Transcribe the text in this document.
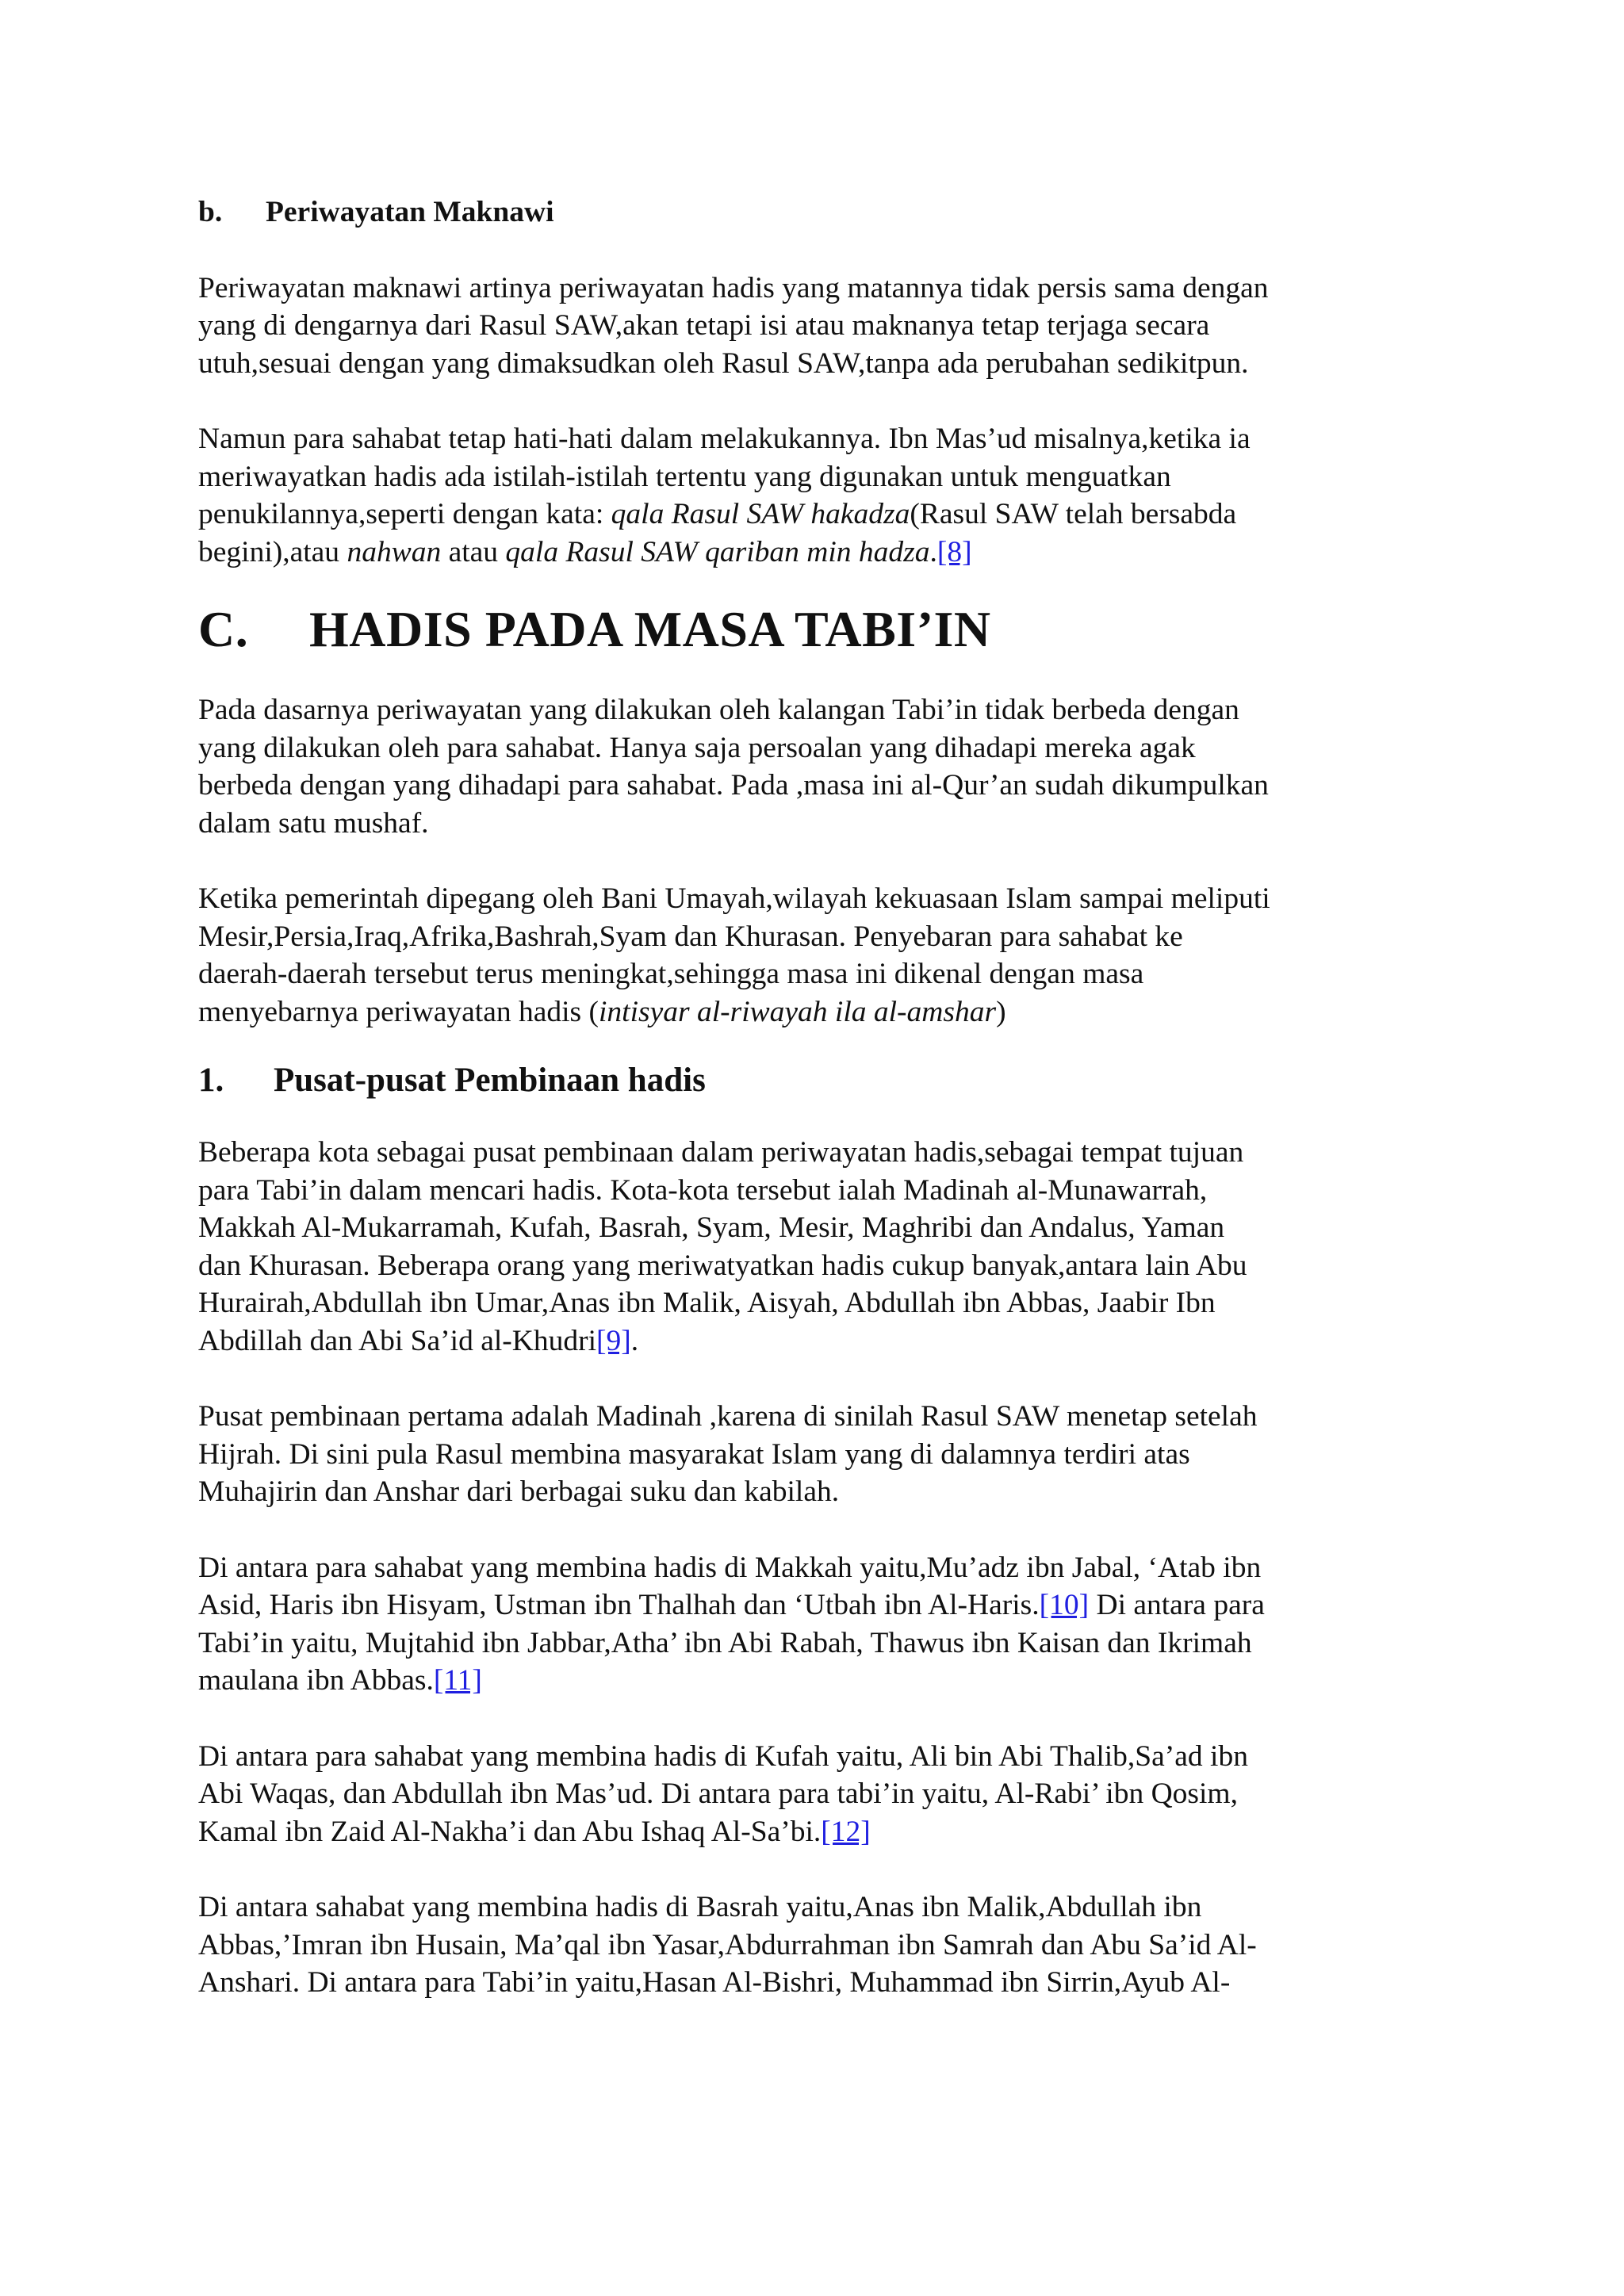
b. Periwayatan Maknawi

Periwayatan maknawi artinya periwayatan hadis yang matannya tidak persis sama dengan

yang di dengarnya dari Rasul SAW,akan tetapi isi atau maknanya tetap terjaga secara

utuh,sesuai dengan yang dimaksudkan oleh Rasul SAW,tanpa ada perubahan sedikitpun.

Namun para sahabat tetap hati-hati dalam melakukannya. Ibn Mas’ud misalnya,ketika ia

meriwayatkan hadis ada istilah-istilah tertentu yang digunakan untuk menguatkan

penukilannya,seperti dengan kata: qala Rasul SAW hakadza(Rasul SAW telah bersabda

begini),atau nahwan atau qala Rasul SAW qariban min hadza.[8]

C. HADIS PADA MASA TABI’IN

Pada dasarnya periwayatan yang dilakukan oleh kalangan Tabi’in tidak berbeda dengan

yang dilakukan oleh para sahabat. Hanya saja persoalan yang dihadapi mereka agak

berbeda dengan yang dihadapi para sahabat. Pada ,masa ini al-Qur’an sudah dikumpulkan

dalam satu mushaf.

Ketika pemerintah dipegang oleh Bani Umayah,wilayah kekuasaan Islam sampai meliputi

Mesir,Persia,Iraq,Afrika,Bashrah,Syam dan Khurasan. Penyebaran para sahabat ke

daerah-daerah tersebut terus meningkat,sehingga masa ini dikenal dengan masa

menyebarnya periwayatan hadis (intisyar al-riwayah ila al-amshar)

1. Pusat-pusat Pembinaan hadis

Beberapa kota sebagai pusat pembinaan dalam periwayatan hadis,sebagai tempat tujuan

para Tabi’in dalam mencari hadis. Kota-kota tersebut ialah Madinah al-Munawarrah,

Makkah Al-Mukarramah, Kufah, Basrah, Syam, Mesir, Maghribi dan Andalus, Yaman

dan Khurasan. Beberapa orang yang meriwatyatkan hadis cukup banyak,antara lain Abu

Hurairah,Abdullah ibn Umar,Anas ibn Malik, Aisyah, Abdullah ibn Abbas, Jaabir Ibn

Abdillah dan Abi Sa’id al-Khudri[9].

Pusat pembinaan pertama adalah Madinah ,karena di sinilah Rasul SAW menetap setelah

Hijrah. Di sini pula Rasul membina masyarakat Islam yang di dalamnya terdiri atas

Muhajirin dan Anshar dari berbagai suku dan kabilah.

Di antara para sahabat yang membina hadis di Makkah yaitu,Mu’adz ibn Jabal, ‘Atab ibn

Asid, Haris ibn Hisyam, Ustman ibn Thalhah dan ‘Utbah ibn Al-Haris.[10] Di antara para

Tabi’in yaitu, Mujtahid ibn Jabbar,Atha’ ibn Abi Rabah, Thawus ibn Kaisan dan Ikrimah

maulana ibn Abbas.[11]

Di antara para sahabat yang membina hadis di Kufah yaitu, Ali bin Abi Thalib,Sa’ad ibn

Abi Waqas, dan Abdullah ibn Mas’ud. Di antara para tabi’in yaitu, Al-Rabi’ ibn Qosim,

Kamal ibn Zaid Al-Nakha’i dan Abu Ishaq Al-Sa’bi.[12]

Di antara sahabat yang membina hadis di Basrah yaitu,Anas ibn Malik,Abdullah ibn

Abbas,’Imran ibn Husain, Ma’qal ibn Yasar,Abdurrahman ibn Samrah dan Abu Sa’id Al-

Anshari. Di antara para Tabi’in yaitu,Hasan Al-Bishri, Muhammad ibn Sirrin,Ayub Al-
